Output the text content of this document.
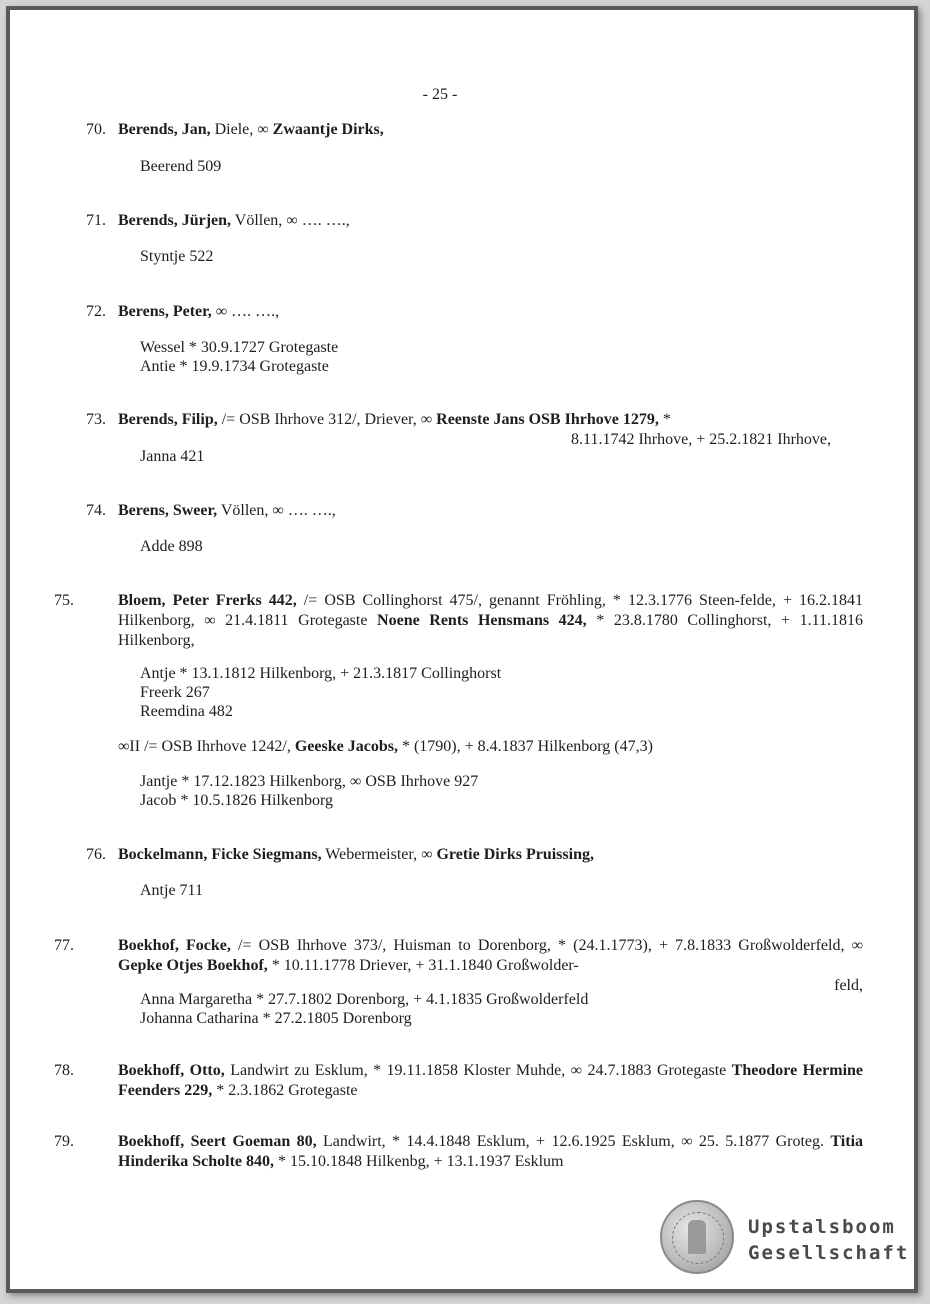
- 25 -
70. Berends, Jan, Diele, ∞ Zwaantje Dirks,
Beerend 509
71. Berends, Jürjen, Völlen, ∞ …. ….,
Styntje 522
72. Berens, Peter, ∞ …. ….,
Wessel * 30.9.1727 Grotegaste
Antie * 19.9.1734 Grotegaste
73. Berends, Filip, /= OSB Ihrhove 312/, Driever, ∞ Reenste Jans OSB Ihrhove 1279, *
8.11.1742 Ihrhove, + 25.2.1821 Ihrhove,
Janna 421
74. Berens, Sweer, Völlen, ∞ …. ….,
Adde 898
75.	Bloem, Peter Frerks 442, /= OSB Collinghorst 475/, genannt Fröhling, * 12.3.1776 Steen-felde, + 16.2.1841 Hilkenborg, ∞ 21.4.1811 Grotegaste Noene Rents Hensmans 424, * 23.8.1780 Collinghorst, + 1.11.1816 Hilkenborg,
Antje * 13.1.1812 Hilkenborg, + 21.3.1817 Collinghorst
Freerk 267
Reemdina 482
∞II /= OSB Ihrhove 1242/, Geeske Jacobs, * (1790), + 8.4.1837 Hilkenborg (47,3)
Jantje * 17.12.1823 Hilkenborg, ∞ OSB Ihrhove 927
Jacob * 10.5.1826 Hilkenborg
76. Bockelmann, Ficke Siegmans, Webermeister, ∞ Gretie Dirks Pruissing,
Antje 711
77.	Boekhof, Focke, /= OSB Ihrhove 373/, Huisman to Dorenborg, * (24.1.1773), + 7.8.1833 Großwolderfeld, ∞ Gepke Otjes Boekhof, * 10.11.1778 Driever, + 31.1.1840 Großwolder-
feld,
Anna Margaretha * 27.7.1802 Dorenborg, + 4.1.1835 Großwolderfeld
Johanna Catharina * 27.2.1805 Dorenborg
78.	Boekhoff, Otto, Landwirt zu Esklum, * 19.11.1858 Kloster Muhde, ∞ 24.7.1883 Grotegaste Theodore Hermine Feenders 229, * 2.3.1862 Grotegaste
79.	Boekhoff, Seert Goeman 80, Landwirt, * 14.4.1848 Esklum, + 12.6.1925 Esklum, ∞ 25. 5.1877 Groteg. Titia Hinderika Scholte 840, * 15.10.1848 Hilkenbg, + 13.1.1937 Esklum
Upstalsboom
Gesellschaft
